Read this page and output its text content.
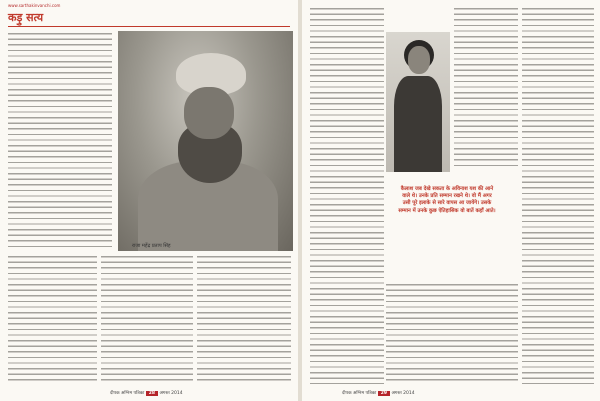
www.sarthakinvanchi.com
कड़ु सत्य
राजा महेंद्र प्रताप सिंह
दीपक अग्निम पत्रिका 28 अगस्त 2014
कैलाश जब देखे सकता के अविनाश यश की आने वाले थे। उनके प्रति सम्मान रखने थे। वो मैं अगर उसी पूरे इलाके से सारे वापस आ जायेंगे। उसके सम्मान में उनके कुछ ऐतिहासिक वो बातें कहाँ आते।
दीपक अग्निम पत्रिका 29 अगस्त 2014
